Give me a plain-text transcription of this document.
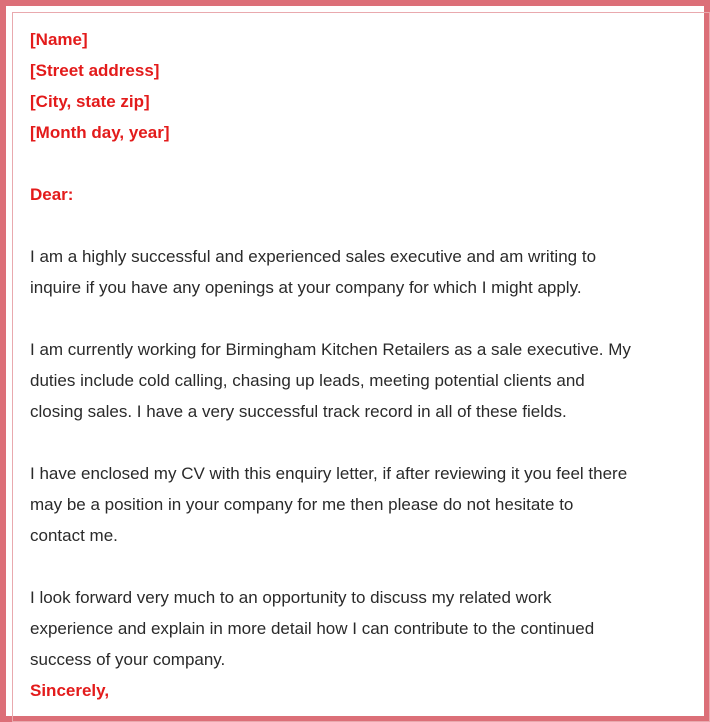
[Name]
[Street address]
[City, state zip]
[Month day, year]
Dear:
I am a highly successful and experienced sales executive and am writing to
inquire if you have any openings at your company for which I might apply.
I am currently working for Birmingham Kitchen Retailers as a sale executive. My
duties include cold calling, chasing up leads, meeting potential clients and
closing sales. I have a very successful track record in all of these fields.
I have enclosed my CV with this enquiry letter, if after reviewing it you feel there
may be a position in your company for me then please do not hesitate to
contact me.
I look forward very much to an opportunity to discuss my related work
experience and explain in more detail how I can contribute to the continued
success of your company.
Sincerely,
